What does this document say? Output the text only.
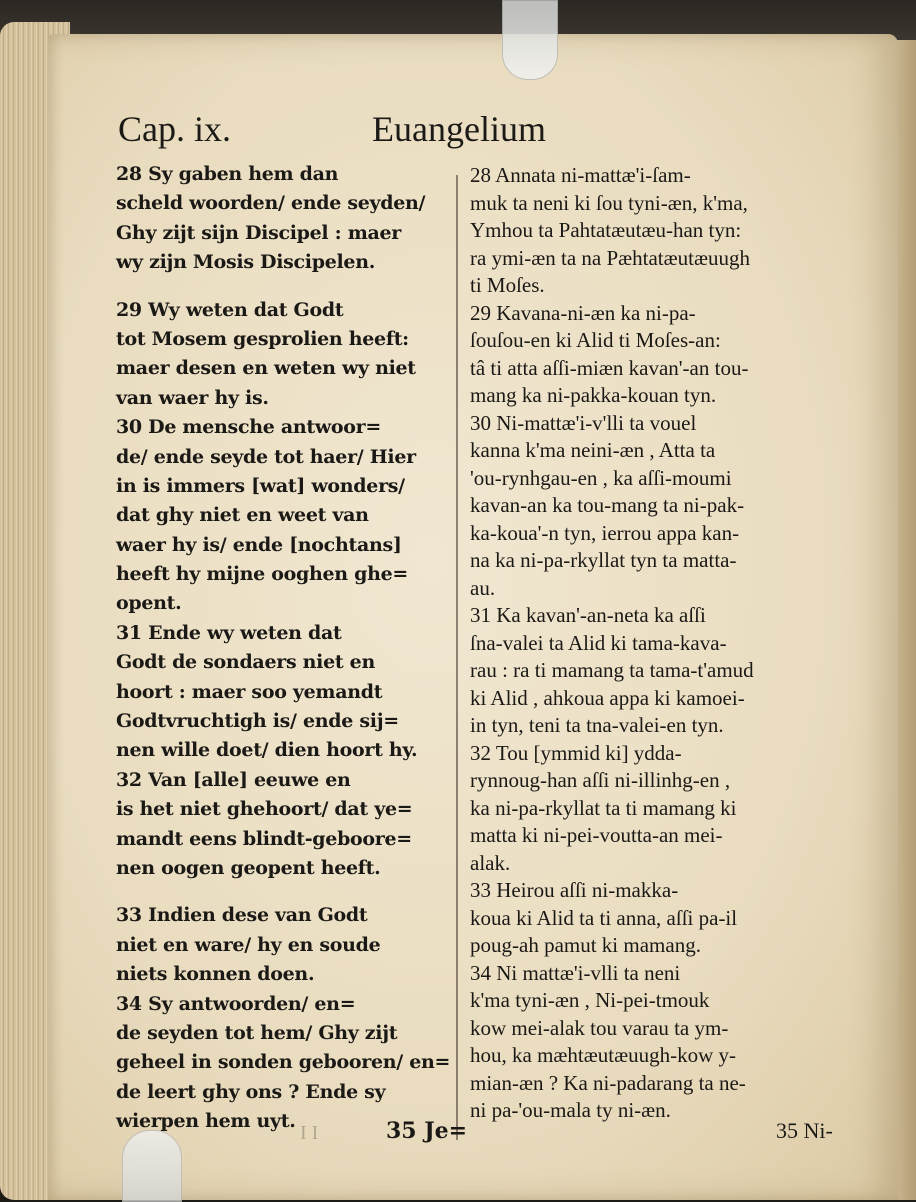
Cap. ix.	Euangelium
28 Sy gaben hem dan
scheld woorden/ ende seyden/
Ghy zijt sijn Discipel : maer
wy zijn Mosis Discipelen.
29 Wy weten dat Godt
tot Mosem gesprolien heeft:
maer desen en weten wy niet
van waer hy is.
30 De mensche antwoor=
de/ ende seyde tot haer/ Hier
in is immers [wat] wonders/
dat ghy niet en weet van
waer hy is/ ende [nochtans]
heeft hy mijne ooghen ghe=
opent.
31 Ende wy weten dat
Godt de sondaers niet en
hoort : maer soo yemandt
Godtvruchtigh is/ ende sij=
nen wille doet/ dien hoort hy.
32 Van [alle] eeuwe en
is het niet ghehoort/ dat ye=
mandt eens blindt-geboore=
nen oogen geopent heeft.
33 Indien dese van Godt
niet en ware/ hy en soude
niets konnen doen.
34 Sy antwoorden/ en=
de seyden tot hem/ Ghy zijt
geheel in sonden gebooren/ en=
de leert ghy ons ? Ende sy
wierpen hem uyt.
28 Annata ni-mattæ'i-ſam-
muk ta neni ki ſou tyni-æn, k'ma,
Ymhou ta Pahtatæutæu-han tyn:
ra ymi-æn ta na Pæhtatæutæuugh
ti Moſes.
29 Kavana-ni-æn ka ni-pa-
ſouſou-en ki Alid ti Moſes-an:
tâ ti atta aſſi-miæn kavan'-an tou-
mang ka ni-pakka-kouan tyn.
30 Ni-mattæ'i-v'lli ta vouel
kanna k'ma neini-æn , Atta ta
'ou-rynhgau-en , ka aſſi-moumi
kavan-an ka tou-mang ta ni-pak-
ka-koua'-n tyn, ierrou appa kan-
na ka ni-pa-rkyllat tyn ta matta-
au.
31 Ka kavan'-an-neta ka aſſi
ſna-valei ta Alid ki tama-kava-
rau : ra ti mamang ta tama-t'amud
ki Alid , ahkoua appa ki kamoei-
in tyn, teni ta tna-valei-en tyn.
32 Tou [ymmid ki] ydda-
rynnoug-han aſſi ni-illinhg-en ,
ka ni-pa-rkyllat ta ti mamang ki
matta ki ni-pei-voutta-an mei-
alak.
33 Heirou aſſi ni-makka-
koua ki Alid ta ti anna, aſſi pa-il
poug-ah pamut ki mamang.
34 Ni mattæ'i-vlli ta neni
k'ma tyni-æn , Ni-pei-tmouk
kow mei-alak tou varau ta ym-
hou, ka mæhtæutæuugh-kow y-
mian-æn ? Ka ni-padarang ta ne-
ni pa-'ou-mala ty ni-æn.
I I	35 Je=	35 Ni-
